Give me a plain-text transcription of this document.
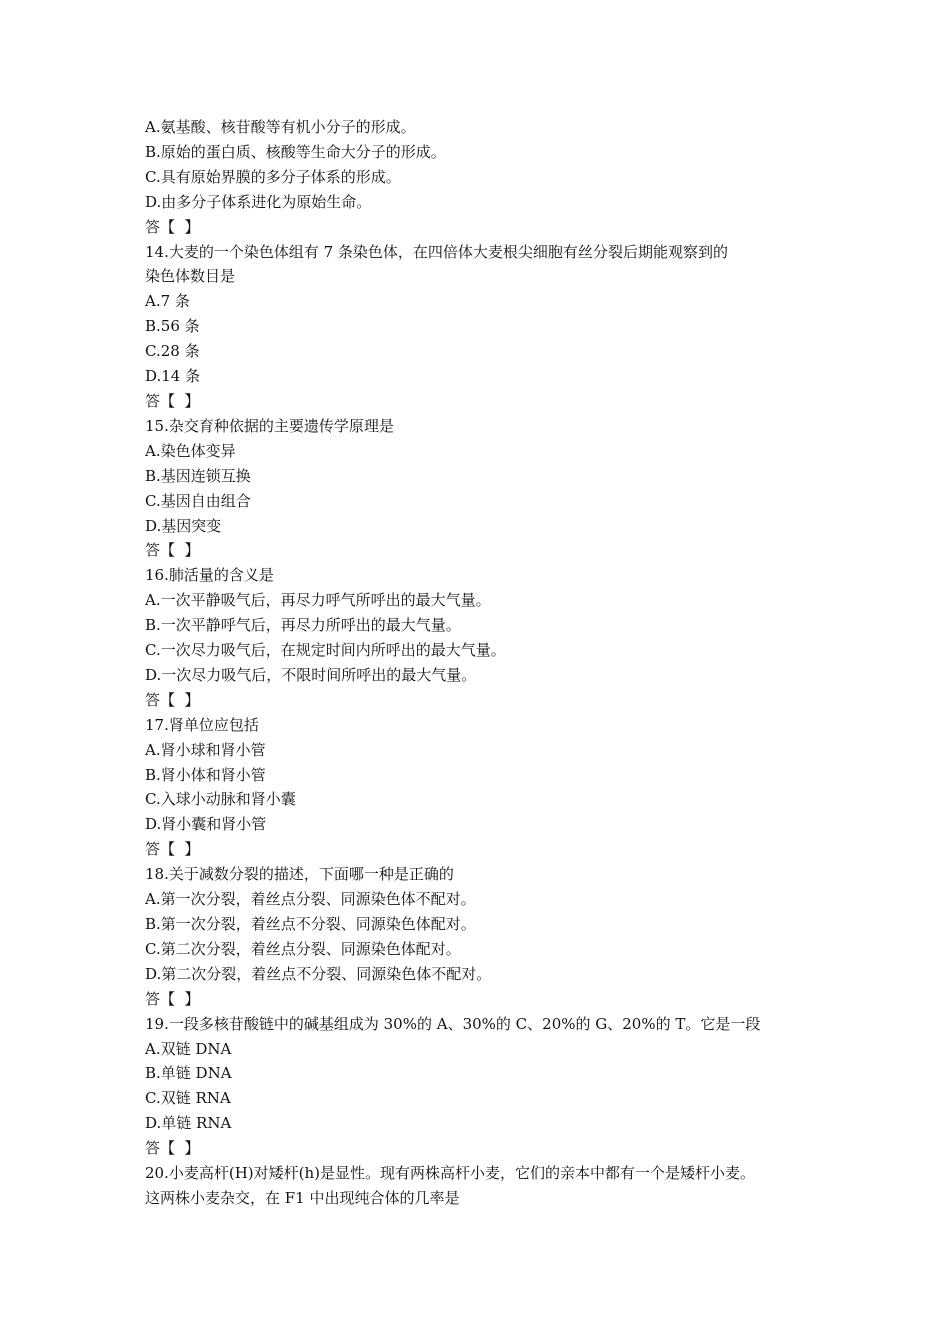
A.氨基酸、核苷酸等有机小分子的形成。

B.原始的蛋白质、核酸等生命大分子的形成。

C.具有原始界膜的多分子体系的形成。

D.由多分子体系进化为原始生命。

答【  】

14.大麦的一个染色体组有 7 条染色体，在四倍体大麦根尖细胞有丝分裂后期能观察到的

染色体数目是

A.7 条

B.56 条

C.28 条

D.14 条

答【  】

15.杂交育种依据的主要遗传学原理是

A.染色体变异

B.基因连锁互换

C.基因自由组合

D.基因突变

答【  】

16.肺活量的含义是

A.一次平静吸气后，再尽力呼气所呼出的最大气量。

B.一次平静呼气后，再尽力所呼出的最大气量。

C.一次尽力吸气后，在规定时间内所呼出的最大气量。

D.一次尽力吸气后，不限时间所呼出的最大气量。

答【  】

17.肾单位应包括

A.肾小球和肾小管

B.肾小体和肾小管

C.入球小动脉和肾小囊

D.肾小囊和肾小管

答【  】

18.关于减数分裂的描述，下面哪一种是正确的

A.第一次分裂，着丝点分裂、同源染色体不配对。

B.第一次分裂，着丝点不分裂、同源染色体配对。

C.第二次分裂，着丝点分裂、同源染色体配对。

D.第二次分裂，着丝点不分裂、同源染色体不配对。

答【  】

19.一段多核苷酸链中的碱基组成为 30%的 A、30%的 C、20%的 G、20%的 T。它是一段

A.双链 DNA

B.单链 DNA

C.双链 RNA

D.单链 RNA

答【  】

20.小麦高杆(H)对矮杆(h)是显性。现有两株高杆小麦，它们的亲本中都有一个是矮杆小麦。

这两株小麦杂交，在 F1 中出现纯合体的几率是
